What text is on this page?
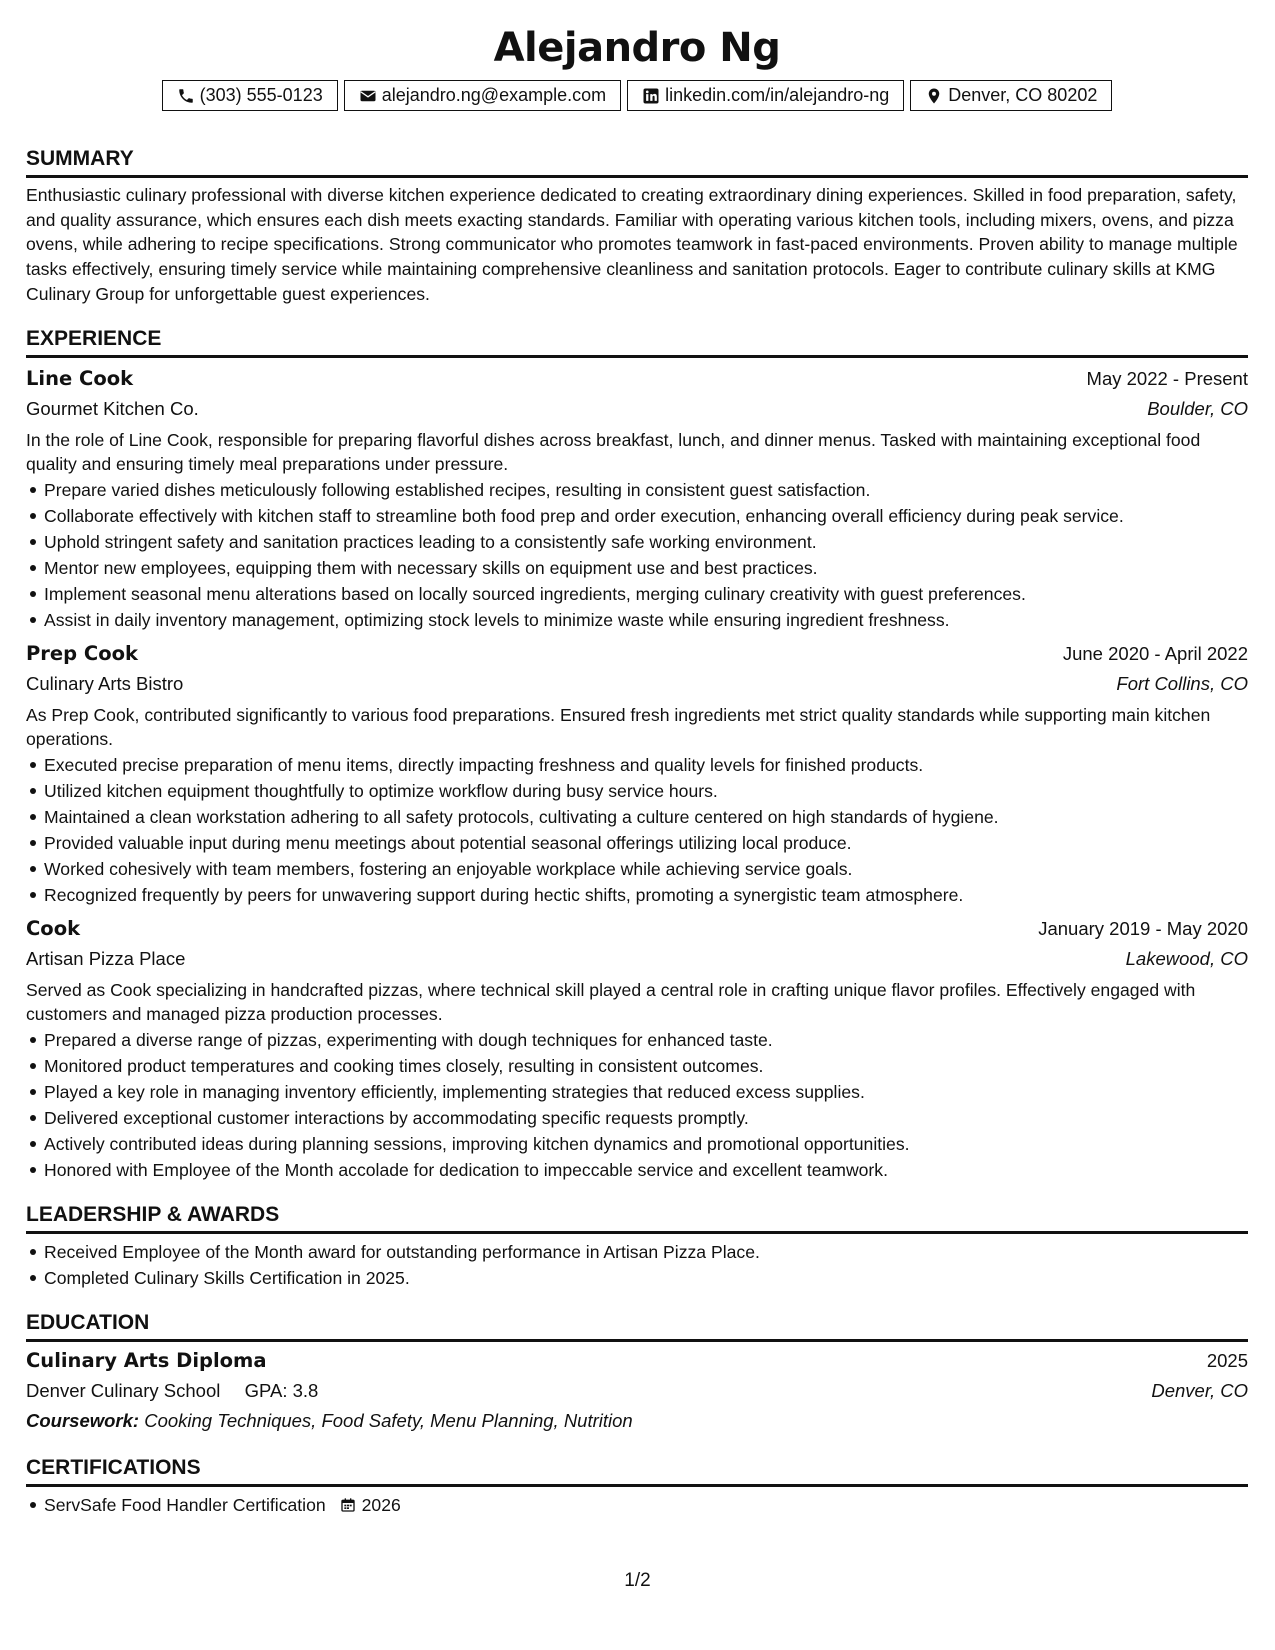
Alejandro Ng
(303) 555-0123	alejandro.ng@example.com	linkedin.com/in/alejandro-ng	Denver, CO 80202
SUMMARY
Enthusiastic culinary professional with diverse kitchen experience dedicated to creating extraordinary dining experiences. Skilled in food preparation, safety, and quality assurance, which ensures each dish meets exacting standards. Familiar with operating various kitchen tools, including mixers, ovens, and pizza ovens, while adhering to recipe specifications. Strong communicator who promotes teamwork in fast-paced environments. Proven ability to manage multiple tasks effectively, ensuring timely service while maintaining comprehensive cleanliness and sanitation protocols. Eager to contribute culinary skills at KMG Culinary Group for unforgettable guest experiences.
EXPERIENCE
Line Cook	May 2022 - Present
Gourmet Kitchen Co.	Boulder, CO
In the role of Line Cook, responsible for preparing flavorful dishes across breakfast, lunch, and dinner menus. Tasked with maintaining exceptional food quality and ensuring timely meal preparations under pressure.
Prepare varied dishes meticulously following established recipes, resulting in consistent guest satisfaction.
Collaborate effectively with kitchen staff to streamline both food prep and order execution, enhancing overall efficiency during peak service.
Uphold stringent safety and sanitation practices leading to a consistently safe working environment.
Mentor new employees, equipping them with necessary skills on equipment use and best practices.
Implement seasonal menu alterations based on locally sourced ingredients, merging culinary creativity with guest preferences.
Assist in daily inventory management, optimizing stock levels to minimize waste while ensuring ingredient freshness.
Prep Cook	June 2020 - April 2022
Culinary Arts Bistro	Fort Collins, CO
As Prep Cook, contributed significantly to various food preparations. Ensured fresh ingredients met strict quality standards while supporting main kitchen operations.
Executed precise preparation of menu items, directly impacting freshness and quality levels for finished products.
Utilized kitchen equipment thoughtfully to optimize workflow during busy service hours.
Maintained a clean workstation adhering to all safety protocols, cultivating a culture centered on high standards of hygiene.
Provided valuable input during menu meetings about potential seasonal offerings utilizing local produce.
Worked cohesively with team members, fostering an enjoyable workplace while achieving service goals.
Recognized frequently by peers for unwavering support during hectic shifts, promoting a synergistic team atmosphere.
Cook	January 2019 - May 2020
Artisan Pizza Place	Lakewood, CO
Served as Cook specializing in handcrafted pizzas, where technical skill played a central role in crafting unique flavor profiles. Effectively engaged with customers and managed pizza production processes.
Prepared a diverse range of pizzas, experimenting with dough techniques for enhanced taste.
Monitored product temperatures and cooking times closely, resulting in consistent outcomes.
Played a key role in managing inventory efficiently, implementing strategies that reduced excess supplies.
Delivered exceptional customer interactions by accommodating specific requests promptly.
Actively contributed ideas during planning sessions, improving kitchen dynamics and promotional opportunities.
Honored with Employee of the Month accolade for dedication to impeccable service and excellent teamwork.
LEADERSHIP & AWARDS
Received Employee of the Month award for outstanding performance in Artisan Pizza Place.
Completed Culinary Skills Certification in 2025.
EDUCATION
Culinary Arts Diploma	2025
Denver Culinary School GPA: 3.8	Denver, CO
Coursework: Cooking Techniques, Food Safety, Menu Planning, Nutrition
CERTIFICATIONS
ServSafe Food Handler Certification 2026
1/2
